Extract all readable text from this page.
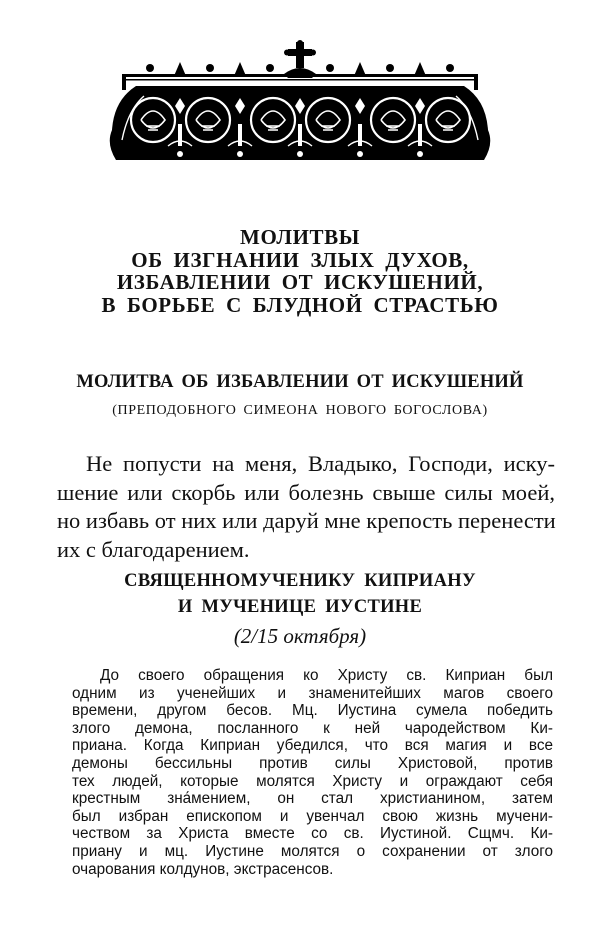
МОЛИТВЫ
ОБ ИЗГНАНИИ ЗЛЫХ ДУХОВ,
ИЗБАВЛЕНИИ ОТ ИСКУШЕНИЙ,
В БОРЬБЕ С БЛУДНОЙ СТРАСТЬЮ
МОЛИТВА ОБ ИЗБАВЛЕНИИ ОТ ИСКУШЕНИЙ
(ПРЕПОДОБНОГО СИМЕОНА НОВОГО БОГОСЛОВА)
Не попусти на меня, Владыко, Господи, иску-
шение или скорбь или болезнь свыше силы моей,
но избавь от них или даруй мне крепость перенести
их с благодарением.
СВЯЩЕННОМУЧЕНИКУ КИПРИАНУ
И МУЧЕНИЦЕ ИУСТИНЕ
(2/15 октября)
До своего обращения ко Христу св. Киприан был
одним из ученейших и знаменитейших магов своего
времени, другом бесов. Мц. Иустина сумела победить
злого демона, посланного к ней чародейством Ки-
приана. Когда Киприан убедился, что вся магия и все
демоны бессильны против силы Христовой, против
тех людей, которые молятся Христу и ограждают себя
крестным зна́мением, он стал христианином, затем
был избран епископом и увенчал свою жизнь мучени-
чеством за Христа вместе со св. Иустиной. Сщмч. Ки-
приану и мц. Иустине молятся о сохранении от злого
очарования колдунов, экстрасенсов.
